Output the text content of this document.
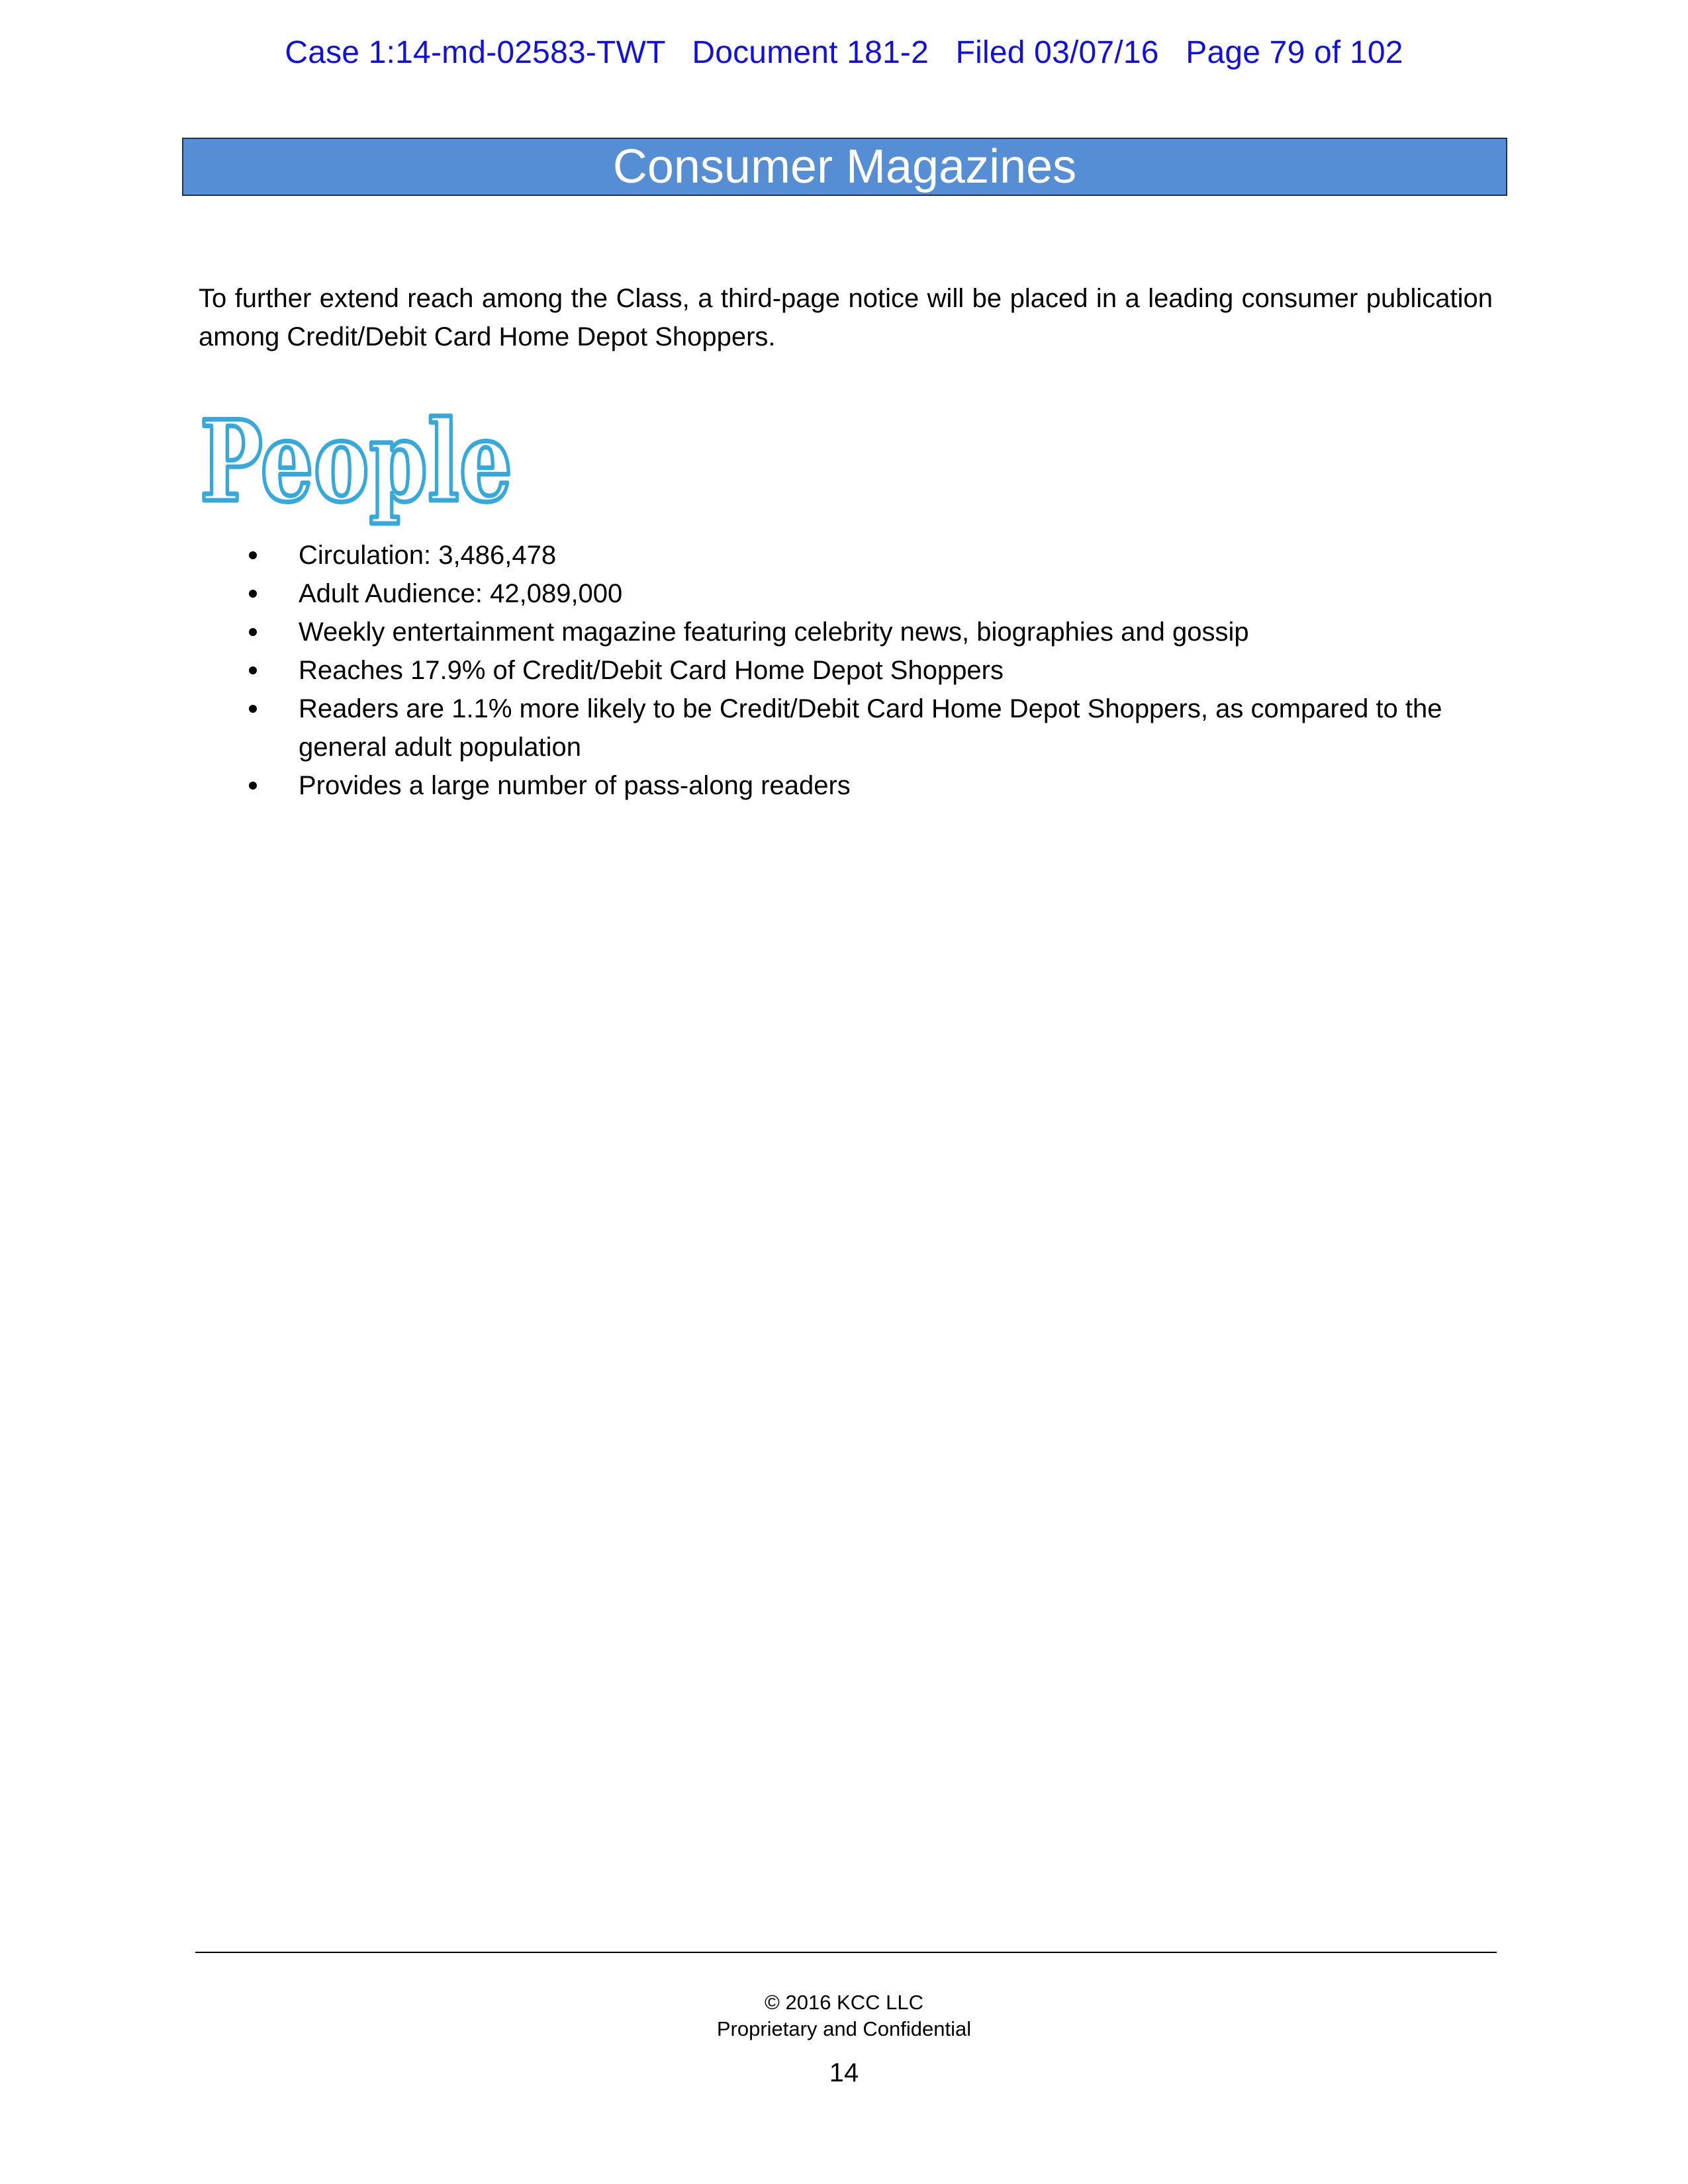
Case 1:14-md-02583-TWT   Document 181-2   Filed 03/07/16   Page 79 of 102
Consumer Magazines

To further extend reach among the Class, a third-page notice will be placed in a leading consumer publication among Credit/Debit Card Home Depot Shoppers.

People
Circulation: 3,486,478
Adult Audience: 42,089,000
Weekly entertainment magazine featuring celebrity news, biographies and gossip
Reaches 17.9% of Credit/Debit Card Home Depot Shoppers
Readers are 1.1% more likely to be Credit/Debit Card Home Depot Shoppers, as compared to the general adult population
Provides a large number of pass-along readers
© 2016 KCC LLC
Proprietary and Confidential
14
